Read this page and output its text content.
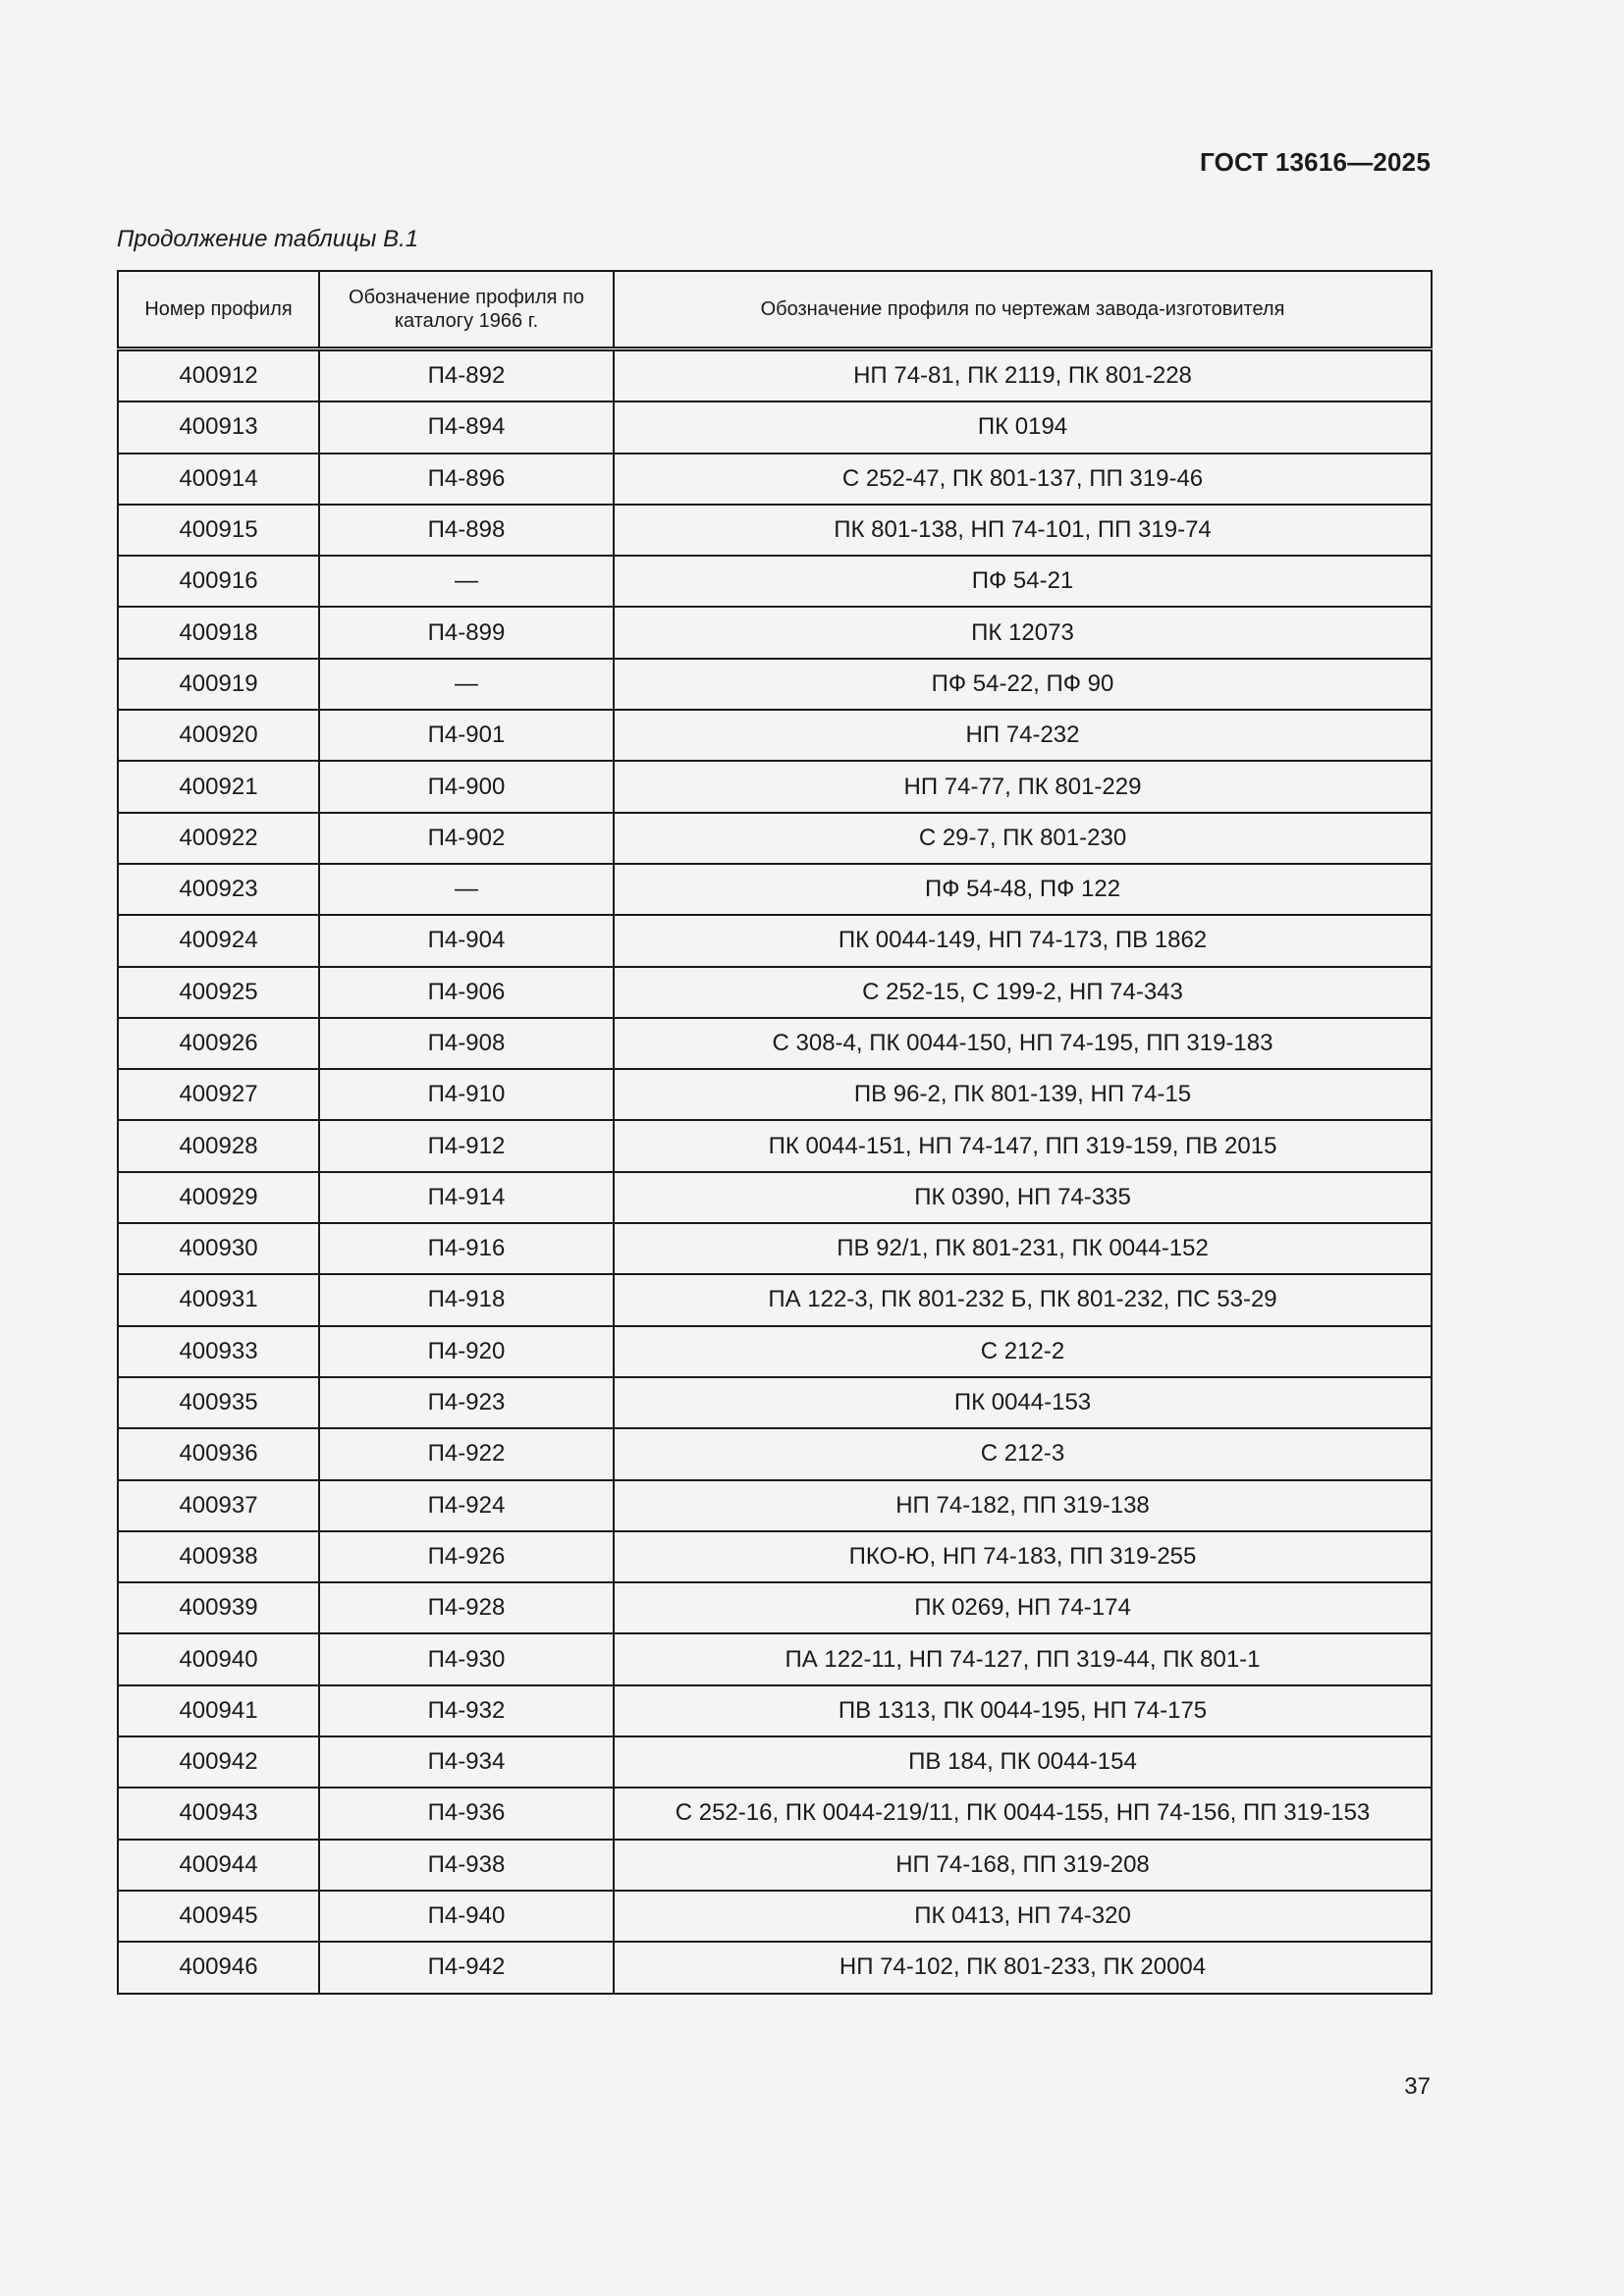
ГОСТ 13616—2025
Продолжение таблицы В.1
Номер профиля	Обозначение профиля по каталогу 1966 г.	Обозначение профиля по чертежам завода-изготовителя
400912	П4-892	НП 74-81, ПК 2119, ПК 801-228
400913	П4-894	ПК 0194
400914	П4-896	С 252-47, ПК 801-137, ПП 319-46
400915	П4-898	ПК 801-138, НП 74-101, ПП 319-74
400916	—	ПФ 54-21
400918	П4-899	ПК 12073
400919	—	ПФ 54-22, ПФ 90
400920	П4-901	НП 74-232
400921	П4-900	НП 74-77, ПК 801-229
400922	П4-902	С 29-7, ПК 801-230
400923	—	ПФ 54-48, ПФ 122
400924	П4-904	ПК 0044-149, НП 74-173, ПВ 1862
400925	П4-906	С 252-15, С 199-2, НП 74-343
400926	П4-908	С 308-4, ПК 0044-150, НП 74-195, ПП 319-183
400927	П4-910	ПВ 96-2, ПК 801-139, НП 74-15
400928	П4-912	ПК 0044-151, НП 74-147, ПП 319-159, ПВ 2015
400929	П4-914	ПК 0390, НП 74-335
400930	П4-916	ПВ 92/1, ПК 801-231, ПК 0044-152
400931	П4-918	ПА 122-3, ПК 801-232 Б, ПК 801-232, ПС 53-29
400933	П4-920	С 212-2
400935	П4-923	ПК 0044-153
400936	П4-922	С 212-3
400937	П4-924	НП 74-182, ПП 319-138
400938	П4-926	ПКО-Ю, НП 74-183, ПП 319-255
400939	П4-928	ПК 0269, НП 74-174
400940	П4-930	ПА 122-11, НП 74-127, ПП 319-44, ПК 801-1
400941	П4-932	ПВ 1313, ПК 0044-195, НП 74-175
400942	П4-934	ПВ 184, ПК 0044-154
400943	П4-936	С 252-16, ПК 0044-219/11, ПК 0044-155, НП 74-156, ПП 319-153
400944	П4-938	НП 74-168, ПП 319-208
400945	П4-940	ПК 0413, НП 74-320
400946	П4-942	НП 74-102, ПК 801-233, ПК 20004
37
